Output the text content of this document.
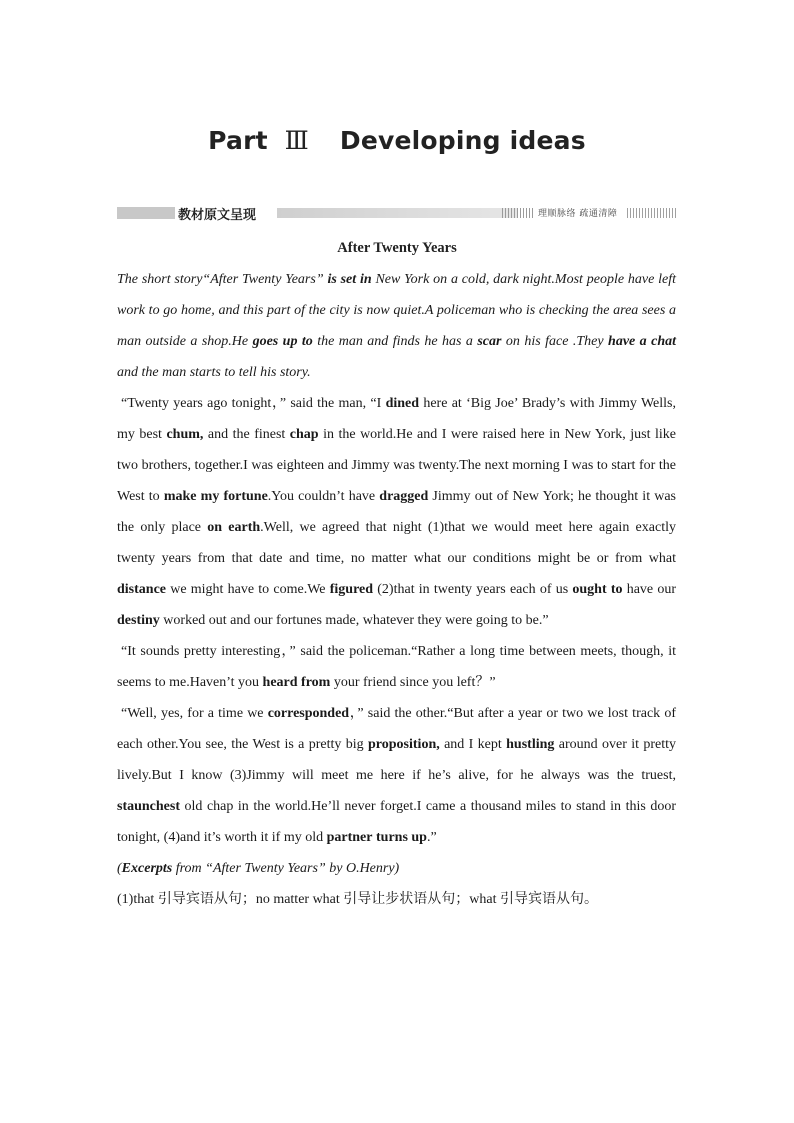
Part Ⅲ Developing ideas
教材原文呈现	理顺脉络 疏通清障
After Twenty Years

The short story“After Twenty Years” is set in New York on a cold, dark night.Most people have left work to go home, and this part of the city is now quiet.A policeman who is checking the area sees a man outside a shop.He goes up to the man and finds he has a scar on his face .They have a chat and the man starts to tell his story.

“Twenty years ago tonight，” said the man, “I dined here at ‘Big Joe’ Brady’s with Jimmy Wells, my best chum, and the finest chap in the world.He and I were raised here in New York, just like two brothers, together.I was eighteen and Jimmy was twenty.The next morning I was to start for the West to make my fortune.You couldn’t have dragged Jimmy out of New York; he thought it was the only place on earth.Well, we agreed that night (1)that we would meet here again exactly twenty years from that date and time, no matter what our conditions might be or from what distance we might have to come.We figured (2)that in twenty years each of us ought to have our destiny worked out and our fortunes made, whatever they were going to be.”

“It sounds pretty interesting，” said the policeman.“Rather a long time between meets, though, it seems to me.Haven’t you heard from your friend since you left？”

“Well, yes, for a time we corresponded，” said the other.“But after a year or two we lost track of each other.You see, the West is a pretty big proposition, and I kept hustling around over it pretty lively.But I know (3)Jimmy will meet me here if he’s alive, for he always was the truest, staunchest old chap in the world.He’ll never forget.I came a thousand miles to stand in this door tonight, (4)and it’s worth it if my old partner turns up.”

(Excerpts from “After Twenty Years” by O.Henry)

(1)that 引导宾语从句；no matter what 引导让步状语从句；what 引导宾语从句。
